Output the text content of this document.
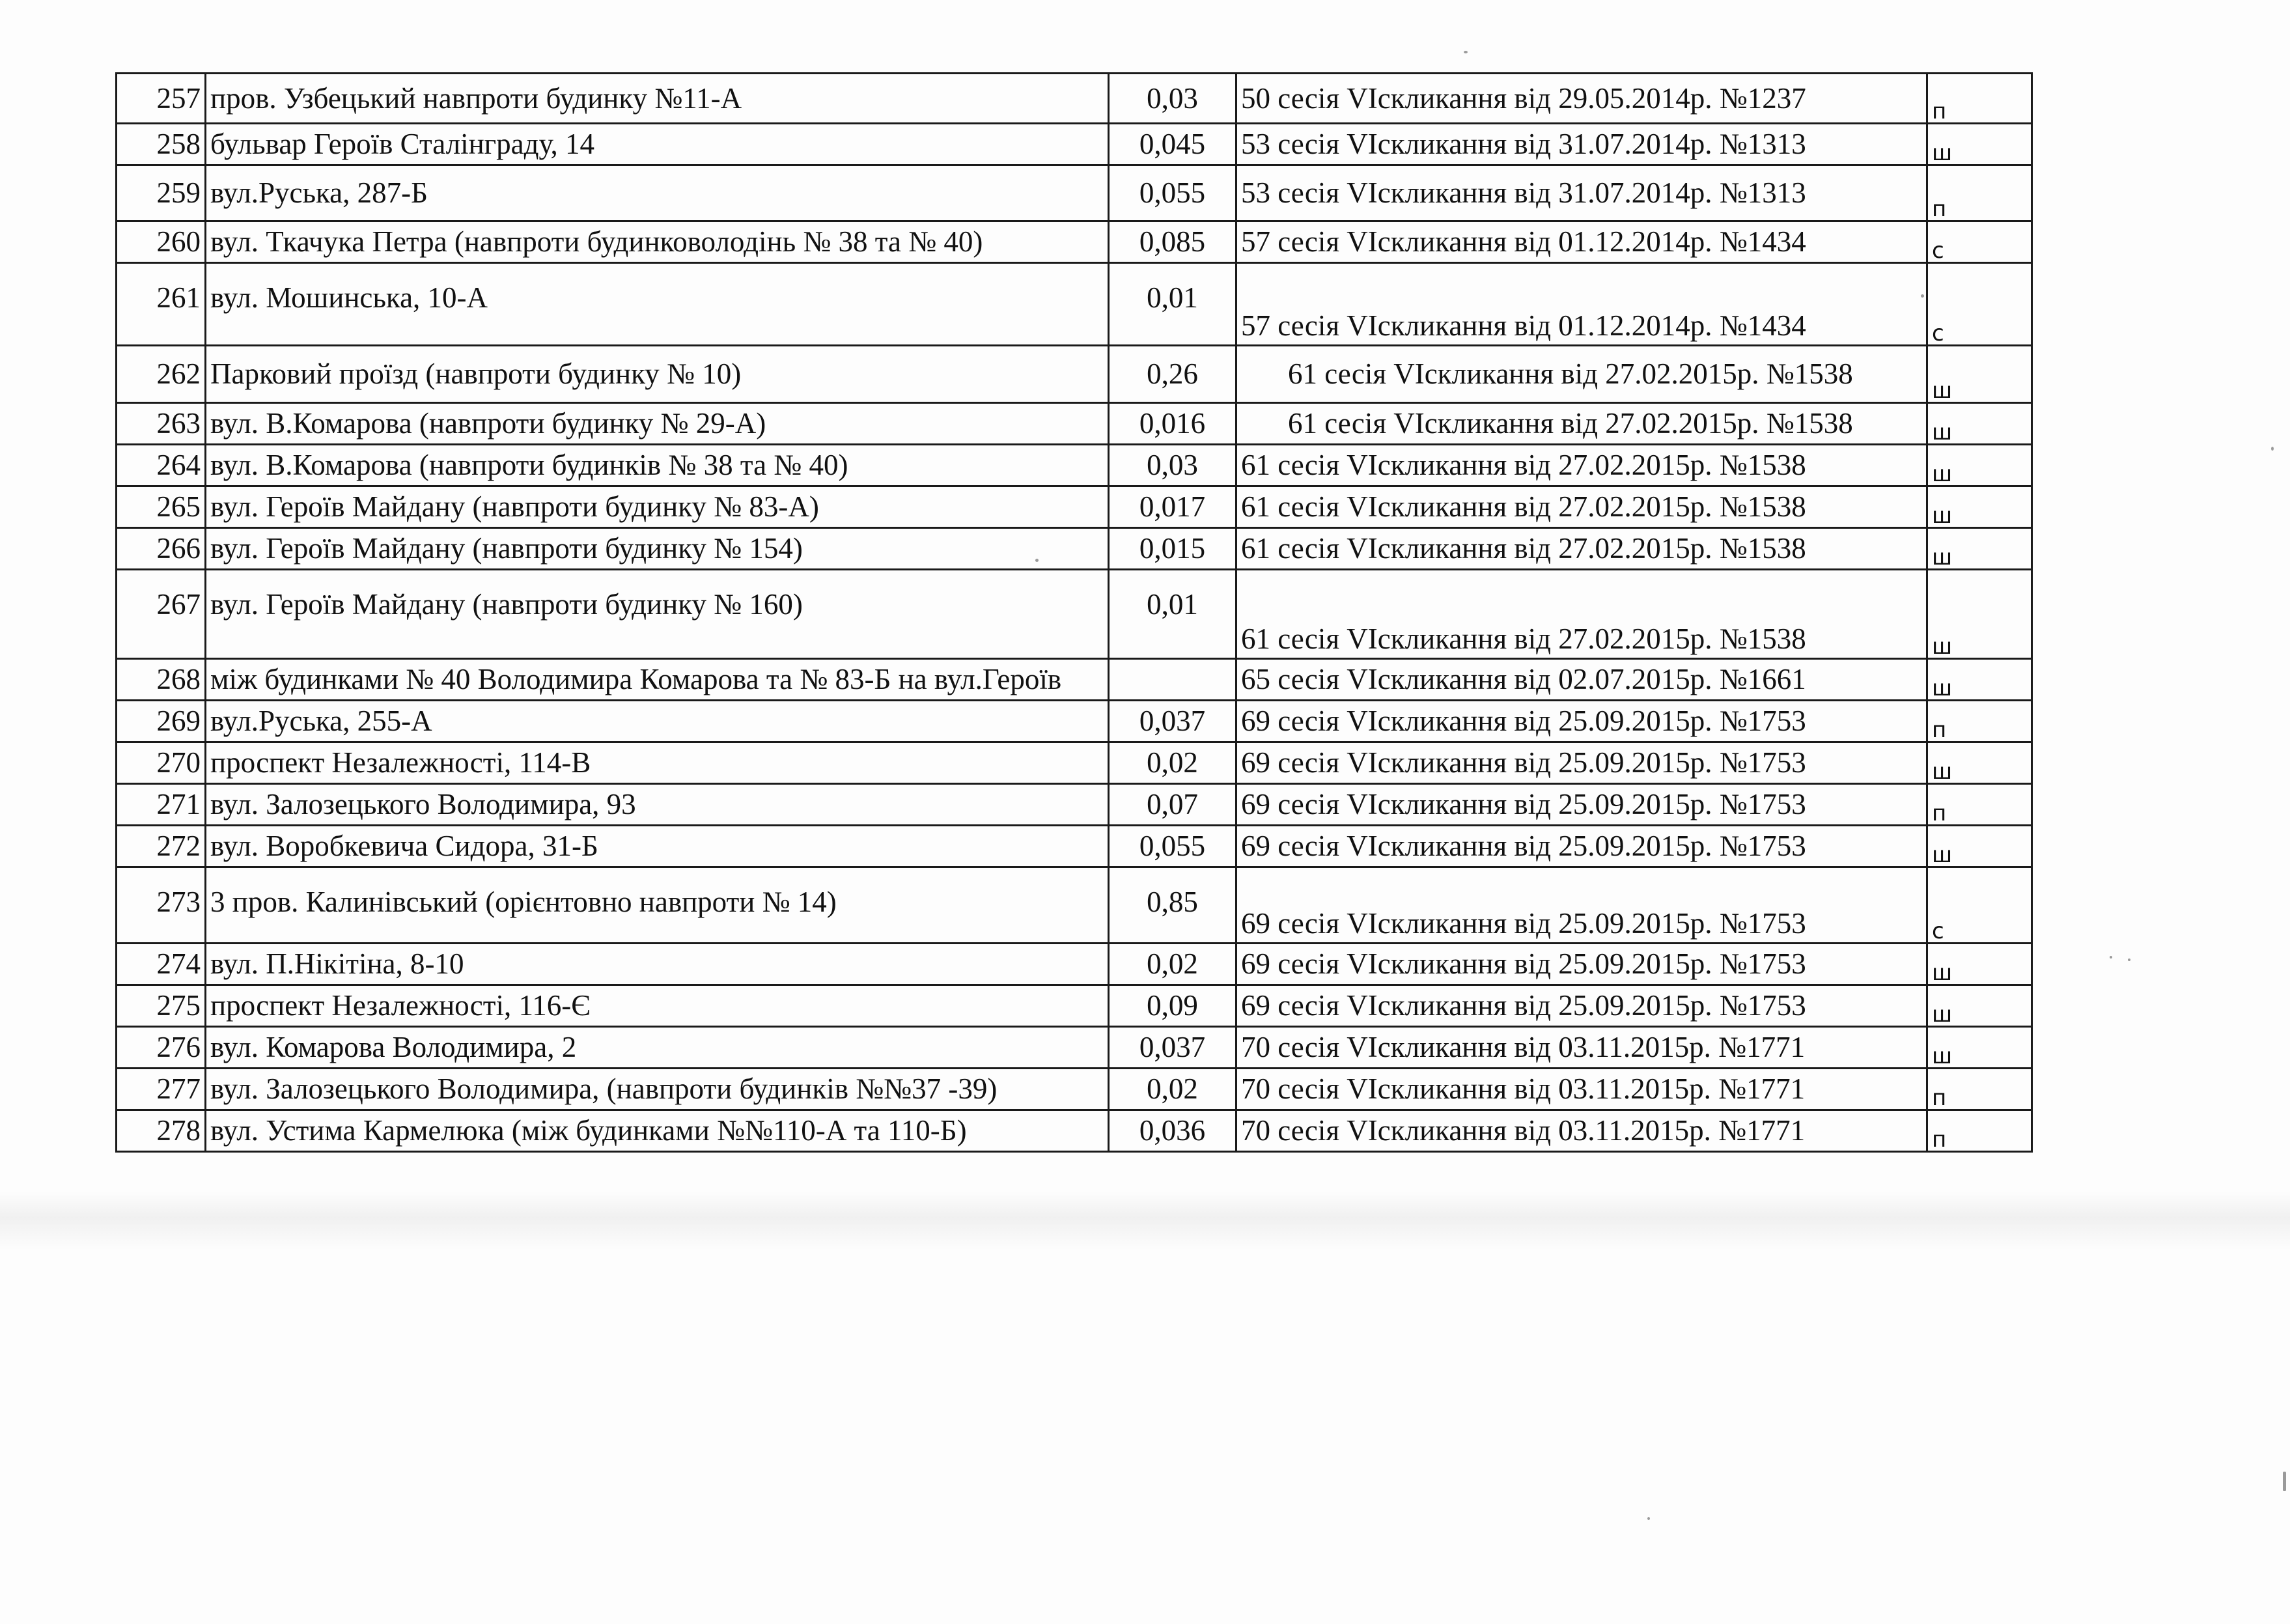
257	пров. Узбецький навпроти будинку №11-А	0,03	50 сесія VIскликання від 29.05.2014р. №1237	п
258	бульвар Героїв Сталінграду, 14	0,045	53 сесія VIскликання від 31.07.2014р. №1313	ш
259	вул.Руська, 287-Б	0,055	53 сесія VIскликання від 31.07.2014р. №1313	п
260	вул. Ткачука Петра (навпроти будинковолодінь № 38 та № 40)	0,085	57 сесія VIскликання від 01.12.2014р. №1434	с
261	вул. Мошинська, 10-А	0,01	57 сесія VIскликання від 01.12.2014р. №1434	с
262	Парковий проїзд (навпроти будинку № 10)	0,26	61 сесія VIскликання від 27.02.2015р. №1538	ш
263	вул. В.Комарова (навпроти будинку № 29-А)	0,016	61 сесія VIскликання від 27.02.2015р. №1538	ш
264	вул. В.Комарова (навпроти будинків № 38 та № 40)	0,03	61 сесія VIскликання від 27.02.2015р. №1538	ш
265	вул. Героїв Майдану (навпроти будинку № 83-А)	0,017	61 сесія VIскликання від 27.02.2015р. №1538	ш
266	вул. Героїв Майдану (навпроти будинку № 154)	0,015	61 сесія VIскликання від 27.02.2015р. №1538	ш
267	вул. Героїв Майдану (навпроти будинку № 160)	0,01	61 сесія VIскликання від 27.02.2015р. №1538	ш
268	між будинками № 40 Володимира Комарова та № 83-Б на вул.Героїв		65 сесія VIскликання від 02.07.2015р. №1661	ш
269	вул.Руська, 255-А	0,037	69 сесія VIскликання від 25.09.2015р. №1753	п
270	проспект Незалежності, 114-В	0,02	69 сесія VIскликання від 25.09.2015р. №1753	ш
271	вул. Залозецького Володимира, 93	0,07	69 сесія VIскликання від 25.09.2015р. №1753	п
272	вул. Воробкевича Сидора, 31-Б	0,055	69 сесія VIскликання від 25.09.2015р. №1753	ш
273	3 пров. Калинівський (орієнтовно навпроти № 14)	0,85	69 сесія VIскликання від 25.09.2015р. №1753	с
274	вул. П.Нікітіна, 8-10	0,02	69 сесія VIскликання від 25.09.2015р. №1753	ш
275	проспект Незалежності, 116-Є	0,09	69 сесія VIскликання від 25.09.2015р. №1753	ш
276	вул. Комарова Володимира, 2	0,037	70 сесія VIскликання від 03.11.2015р. №1771	ш
277	вул. Залозецького Володимира, (навпроти будинків №№37 -39)	0,02	70 сесія VIскликання від 03.11.2015р. №1771	п
278	вул. Устима Кармелюка (між будинками №№110-А та 110-Б)	0,036	70 сесія VIскликання від 03.11.2015р. №1771	п
